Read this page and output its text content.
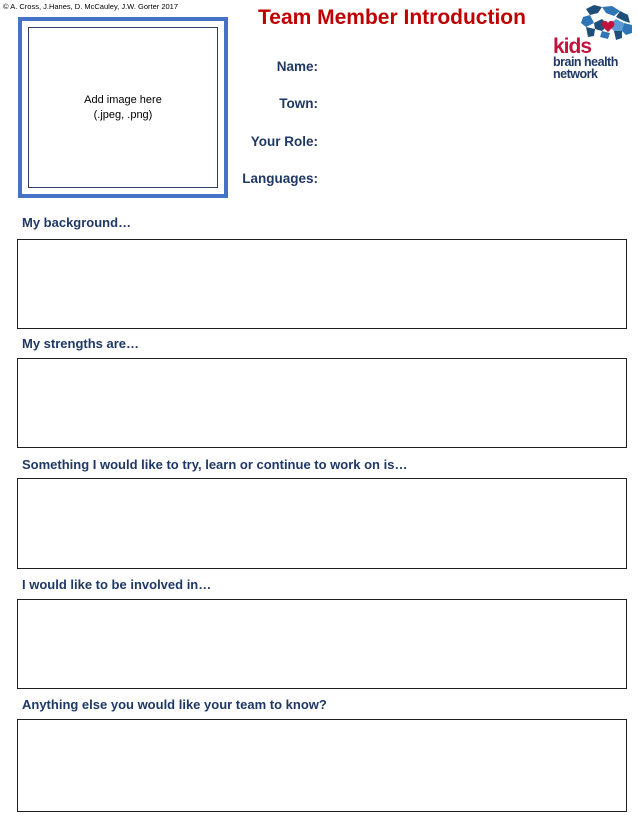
© A. Cross, J.Hanes, D. McCauley, J.W. Gorter 2017
Add image here
(.jpeg, .png)
Team Member Introduction
kids
brain health
network
Name:
Town:
Your Role:
Languages:
My background…
My strengths are…
Something I would like to try, learn or continue to work on is…
I would like to be involved in…
Anything else you would like your team to know?
